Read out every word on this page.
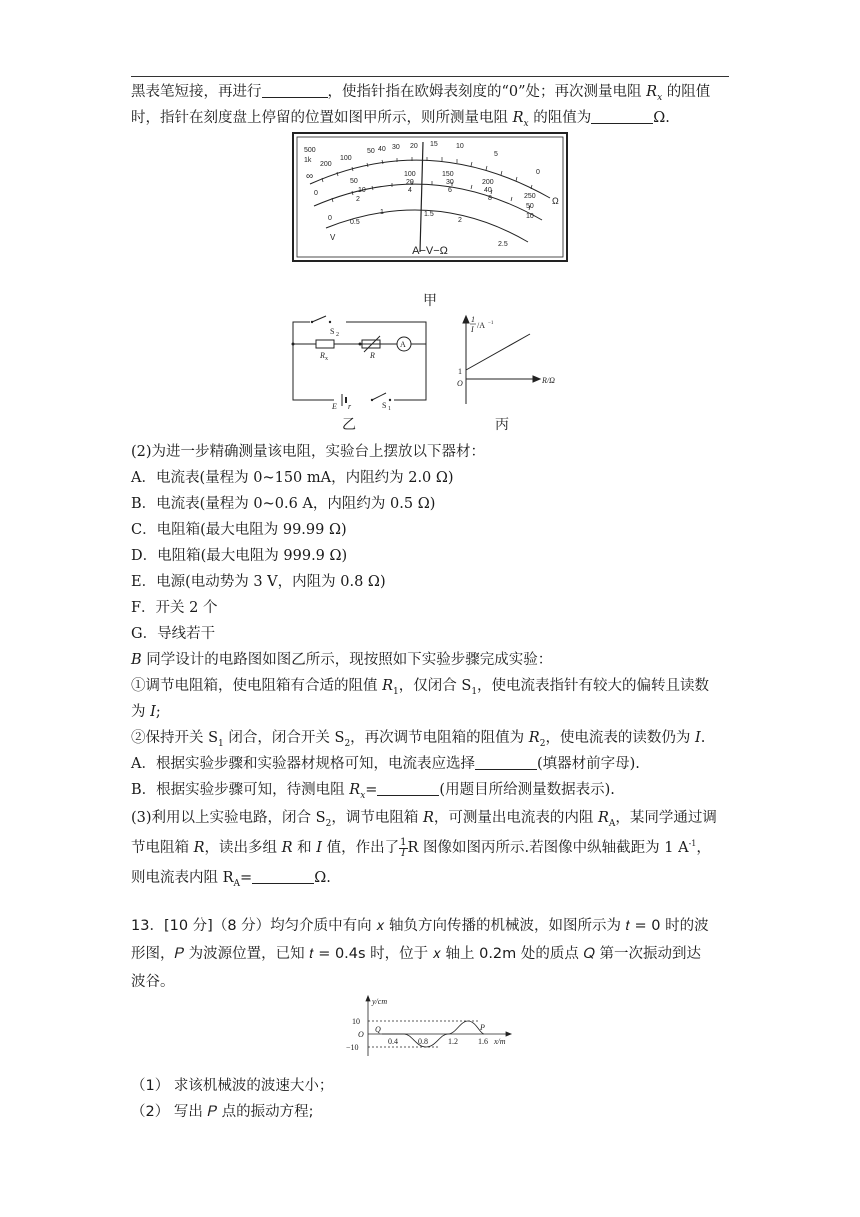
黑表笔短接，再进行	，使指针指在欧姆表刻度的“0”处；再次测量电阻 $R_x$ 的阻值
时，指针在刻度盘上停留的位置如图甲所示，则所测量电阻 $R_x$ 的阻值为	Ω.
500
1k
∞
200
100
50 40 30 20 15	10
5
0
Ω
0
50
100	150
200
250
10
20	30
40
50
2
4	6
8
10
0
0.5
1	1.5
2
2.5
V
A−V−Ω
甲
S 2
R x	R
A
E r	S 1
乙
1
I /A −1
1
O	R/Ω
丙
(2)为进一步精确测量该电阻，实验台上摆放以下器材：
A．电流表(量程为 0~150 mA，内阻约为 2.0 Ω)
B．电流表(量程为 0~0.6 A，内阻约为 0.5 Ω)
C．电阻箱(最大电阻为 99.99 Ω)
D．电阻箱(最大电阻为 999.9 Ω)
E．电源(电动势为 3 V，内阻为 0.8 Ω)
F．开关 2 个
G．导线若干
B 同学设计的电路图如图乙所示，现按照如下实验步骤完成实验：
①调节电阻箱，使电阻箱有合适的阻值 $R_1$，仅闭合 $S_1$，使电流表指针有较大的偏转且读数
为 I;
②保持开关 $S_1$ 闭合，闭合开关 $S_2$，再次调节电阻箱的阻值为 $R_2$，使电流表的读数仍为 I.
A．根据实验步骤和实验器材规格可知，电流表应选择	(填器材前字母).
B．根据实验步骤可知，待测电阻 $R_x=$	(用题目所给测量数据表示).
(3)利用以上实验电路，闭合 $S_2$，调节电阻箱 R，可测量出电流表的内阻 $R_A$，某同学通过调
节电阻箱 R，读出多组 R 和 I 值，作出了 $\frac{1}{I}$ R 图像如图丙所示.若图像中纵轴截距为 1 $A^{-1}$，
则电流表内阻 $R_A=$	Ω.
13．[10 分]（8 分）均匀介质中有向 𝑥 轴负方向传播的机械波，如图所示为 𝑡 = 0 时的波
形图，𝑃 为波源位置，已知 𝑡 = 0.4s 时，位于 𝑥 轴上 0.2m 处的质点 𝑄 第一次振动到达
波谷。
y/cm
10
O
−10
0.4	0.8	1.2	1.6 x/m
Q	P
（1） 求该机械波的波速大小；
（2） 写出 𝑃 点的振动方程;
